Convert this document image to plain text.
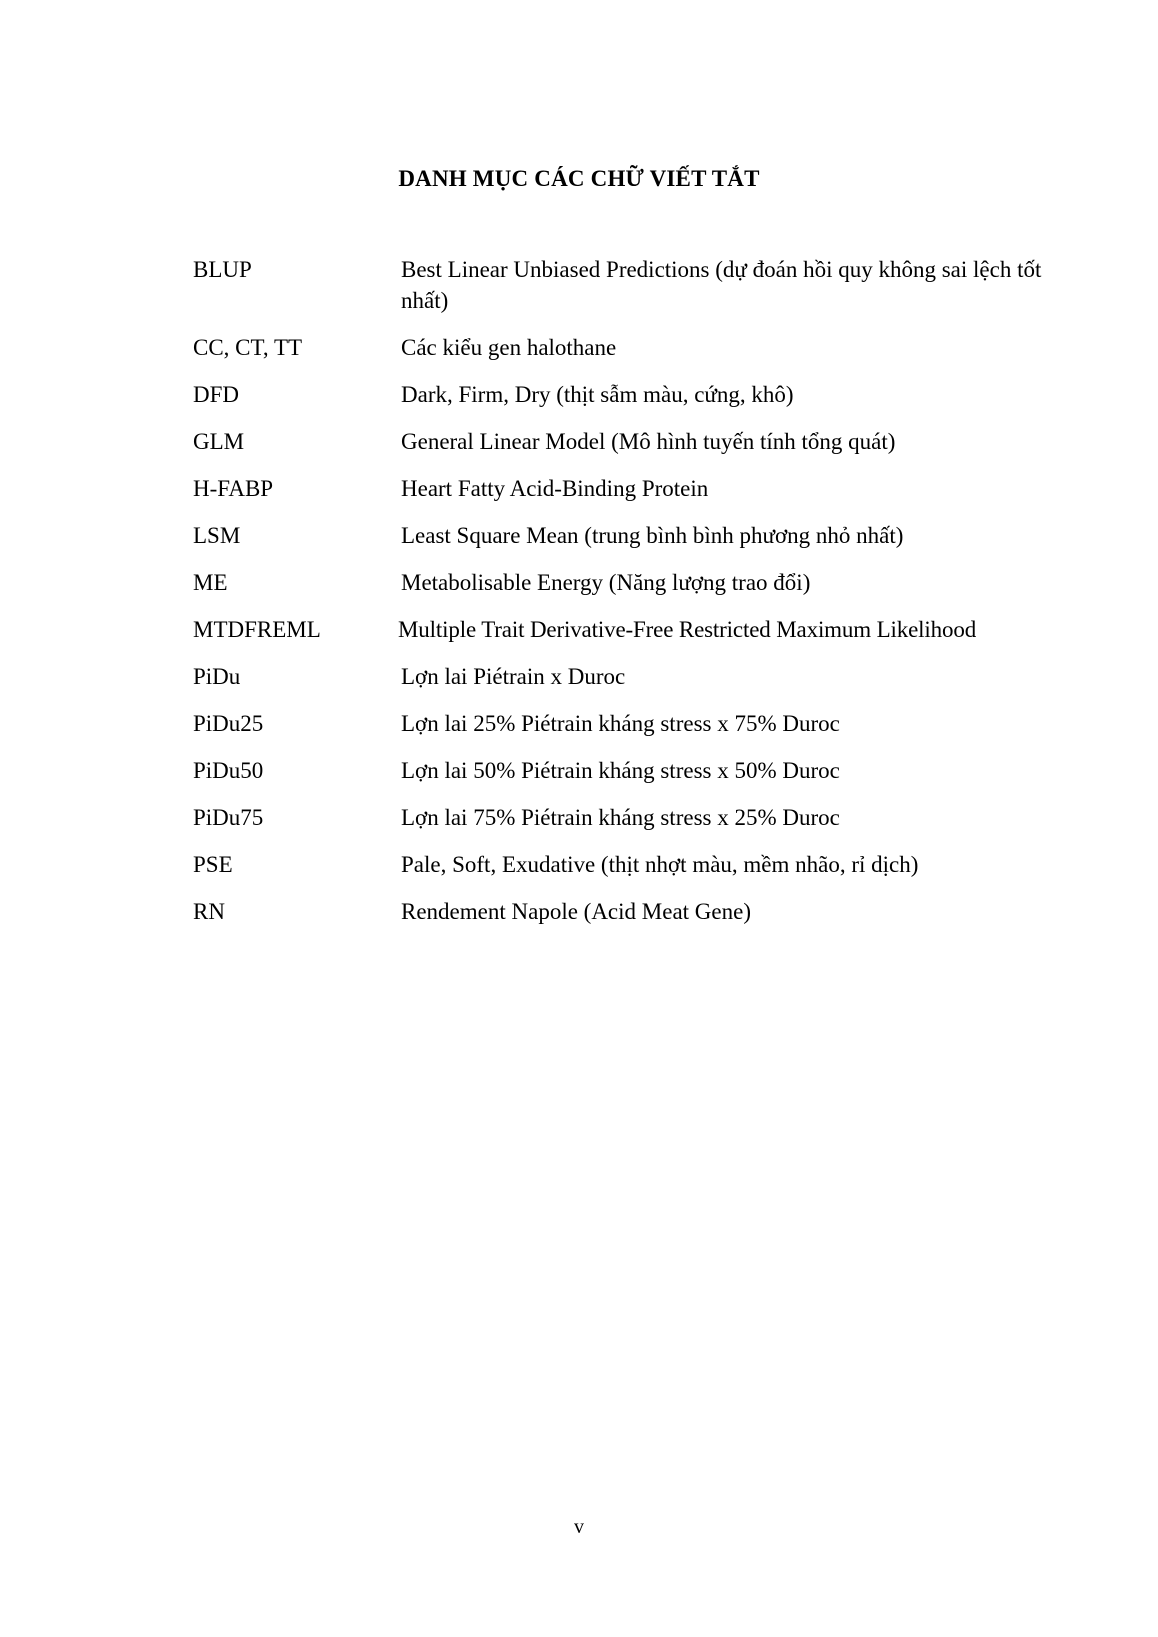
DANH MỤC CÁC CHỮ VIẾT TẮT
BLUP	Best Linear Unbiased Predictions (dự đoán hồi quy không sai lệch tốt nhất)
CC, CT, TT	Các kiểu gen halothane
DFD	Dark, Firm, Dry (thịt sẫm màu, cứng, khô)
GLM	General Linear Model (Mô hình tuyến tính tổng quát)
H-FABP	Heart Fatty Acid-Binding Protein
LSM	Least Square Mean (trung bình bình phương nhỏ nhất)
ME	Metabolisable Energy (Năng lượng trao đổi)
MTDFREML	Multiple Trait Derivative-Free Restricted Maximum Likelihood
PiDu	Lợn lai Piétrain x Duroc
PiDu25	Lợn lai 25% Piétrain kháng stress x 75% Duroc
PiDu50	Lợn lai 50% Piétrain kháng stress x 50% Duroc
PiDu75	Lợn lai 75% Piétrain kháng stress x 25% Duroc
PSE	Pale, Soft, Exudative (thịt nhợt màu, mềm nhão, rỉ dịch)
RN	Rendement Napole (Acid Meat Gene)
v
